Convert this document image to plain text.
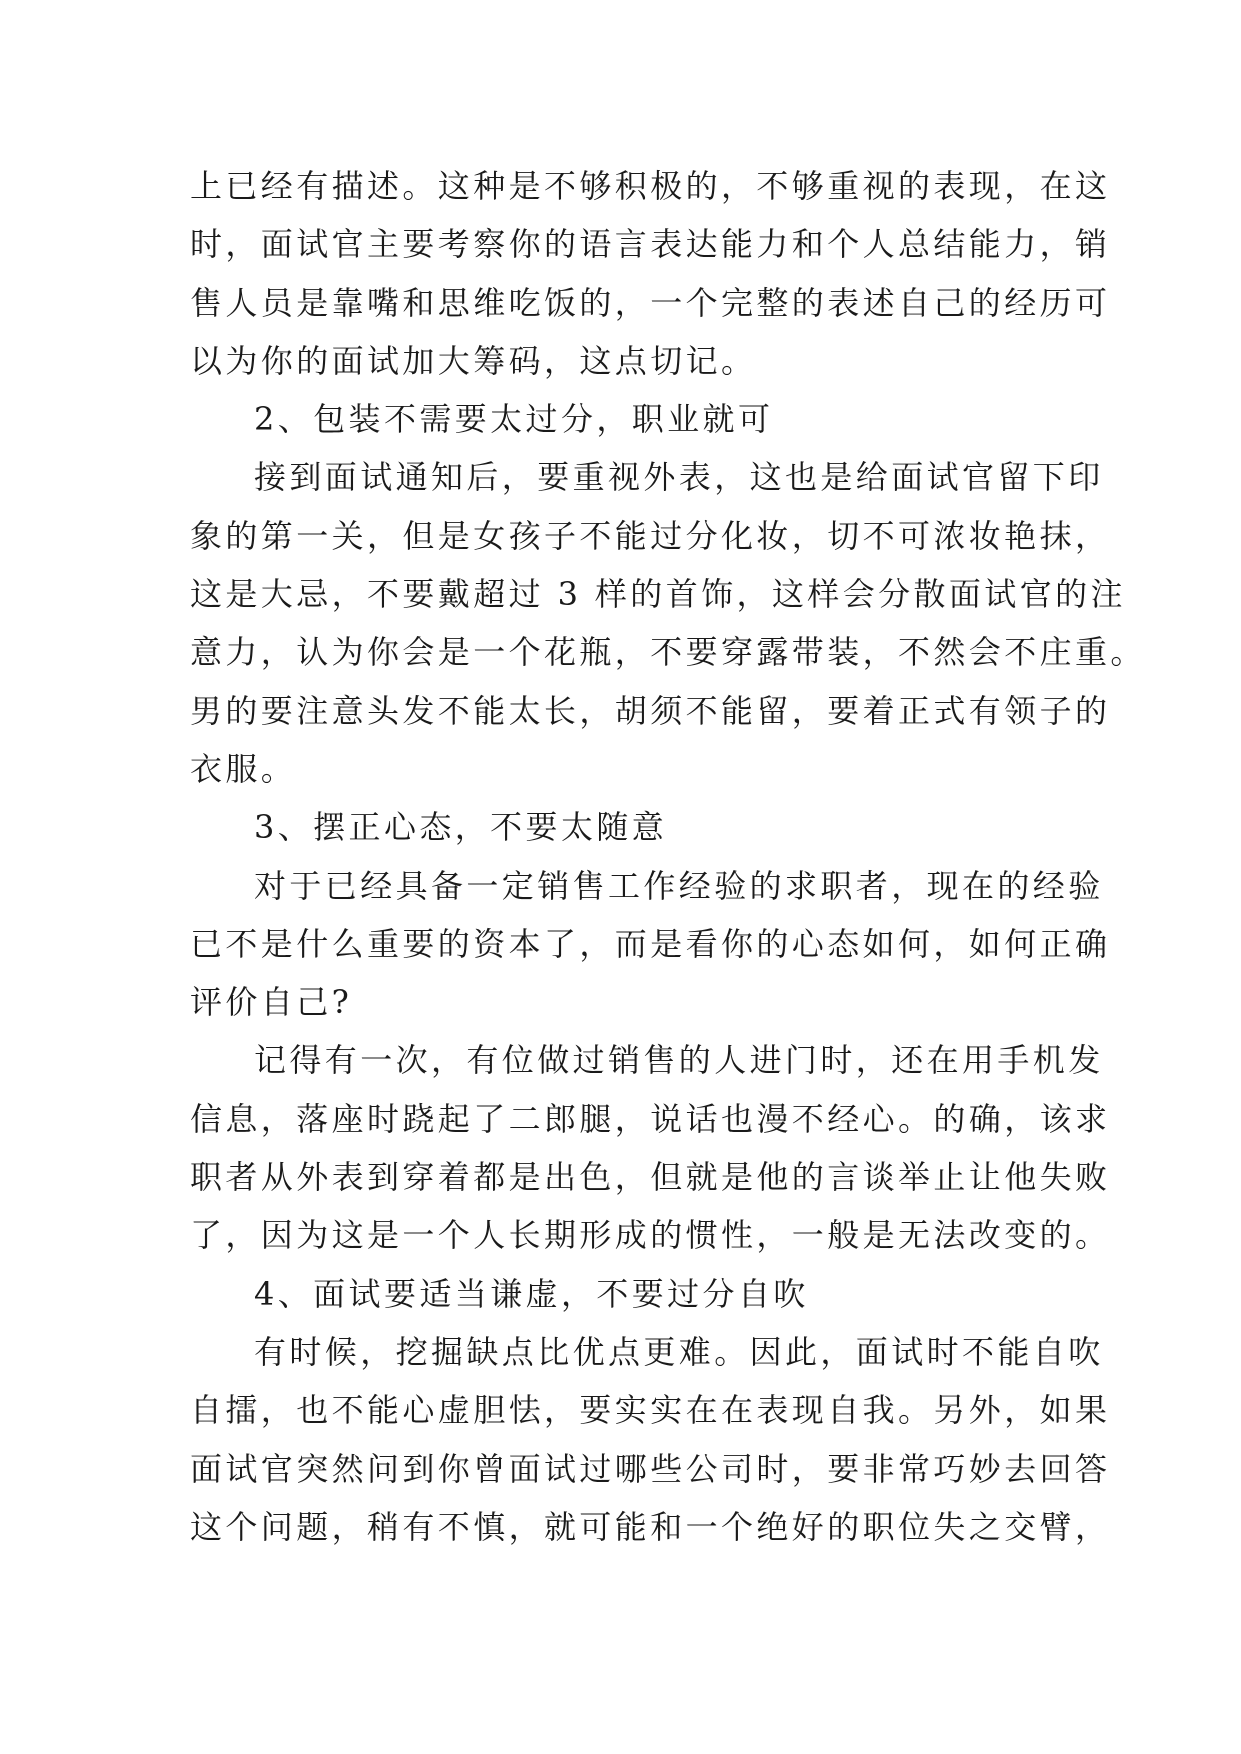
上已经有描述。这种是不够积极的，不够重视的表现，在这
时，面试官主要考察你的语言表达能力和个人总结能力，销
售人员是靠嘴和思维吃饭的，一个完整的表述自己的经历可
以为你的面试加大筹码，这点切记。
2、包装不需要太过分，职业就可
接到面试通知后，要重视外表，这也是给面试官留下印
象的第一关，但是女孩子不能过分化妆，切不可浓妆艳抹，
这是大忌，不要戴超过 3 样的首饰，这样会分散面试官的注
意力，认为你会是一个花瓶，不要穿露带装，不然会不庄重。
男的要注意头发不能太长，胡须不能留，要着正式有领子的
衣服。
3、摆正心态，不要太随意
对于已经具备一定销售工作经验的求职者，现在的经验
已不是什么重要的资本了，而是看你的心态如何，如何正确
评价自己?
记得有一次，有位做过销售的人进门时，还在用手机发
信息，落座时跷起了二郎腿，说话也漫不经心。的确，该求
职者从外表到穿着都是出色，但就是他的言谈举止让他失败
了，因为这是一个人长期形成的惯性，一般是无法改变的。
4、面试要适当谦虚，不要过分自吹
有时候，挖掘缺点比优点更难。因此，面试时不能自吹
自擂，也不能心虚胆怯，要实实在在表现自我。另外，如果
面试官突然问到你曾面试过哪些公司时，要非常巧妙去回答
这个问题，稍有不慎，就可能和一个绝好的职位失之交臂，
